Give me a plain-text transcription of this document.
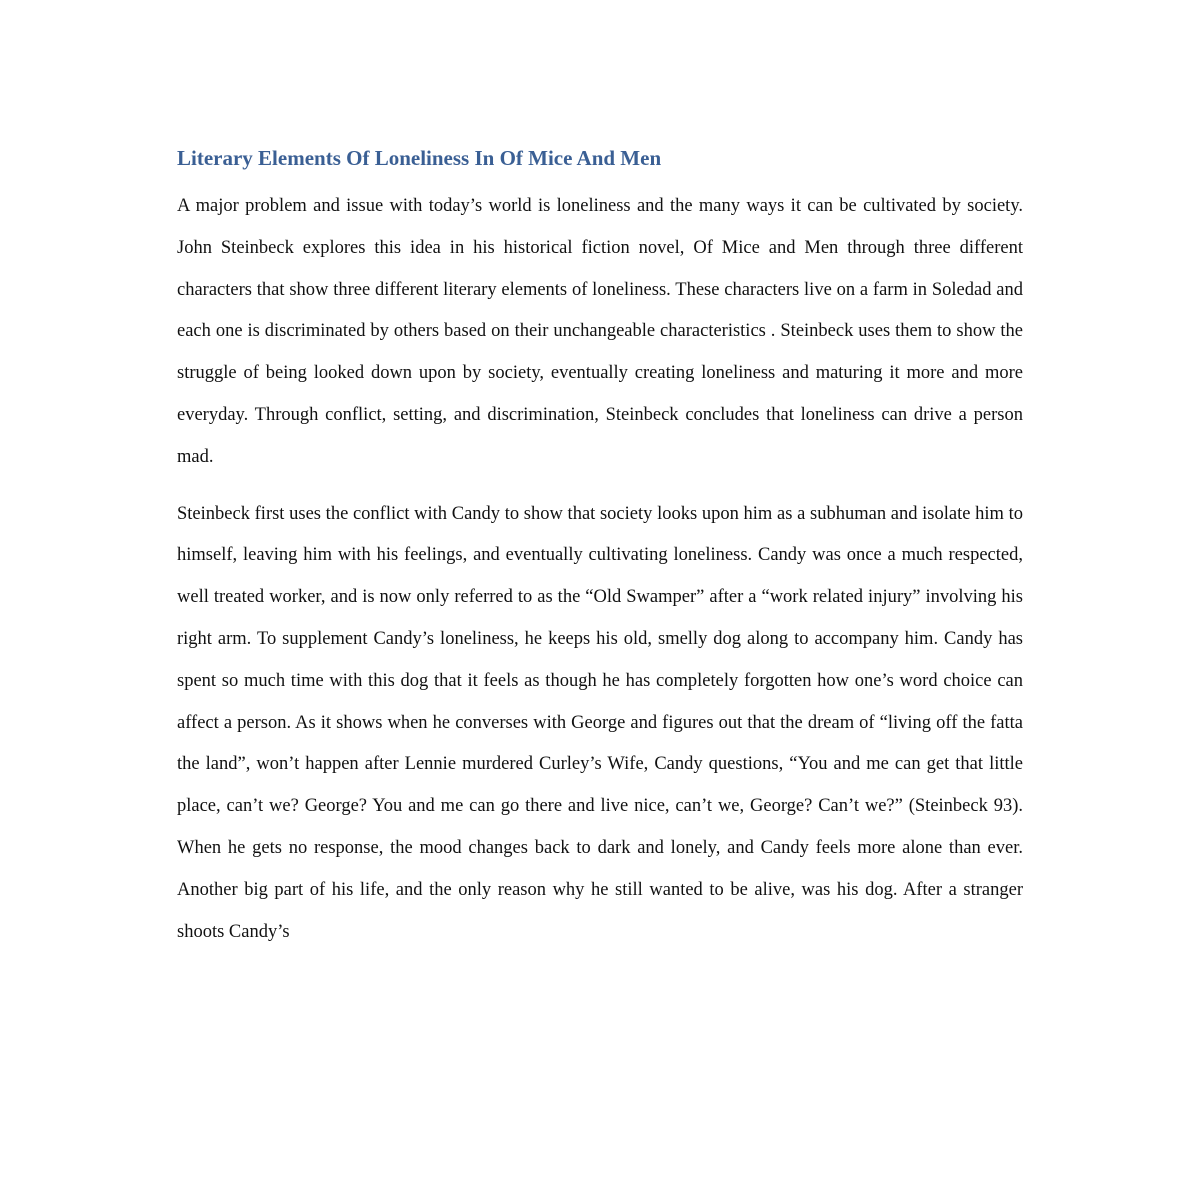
Literary Elements Of Loneliness In Of Mice And Men

A major problem and issue with today’s world is loneliness and the many ways it can be cultivated by society. John Steinbeck explores this idea in his historical fiction novel, Of Mice and Men through three different characters that show three different literary elements of loneliness. These characters live on a farm in Soledad and each one is discriminated by others based on their unchangeable characteristics . Steinbeck uses them to show the struggle of being looked down upon by society, eventually creating loneliness and maturing it more and more everyday. Through conflict, setting, and discrimination, Steinbeck concludes that loneliness can drive a person mad.

Steinbeck first uses the conflict with Candy to show that society looks upon him as a subhuman and isolate him to himself, leaving him with his feelings, and eventually cultivating loneliness. Candy was once a much respected, well treated worker, and is now only referred to as the “Old Swamper” after a “work related injury” involving his right arm. To supplement Candy’s loneliness, he keeps his old, smelly dog along to accompany him. Candy has spent so much time with this dog that it feels as though he has completely forgotten how one’s word choice can affect a person. As it shows when he converses with George and figures out that the dream of “living off the fatta the land”, won’t happen after Lennie murdered Curley’s Wife, Candy questions, “You and me can get that little place, can’t we? George? You and me can go there and live nice, can’t we, George? Can’t we?” (Steinbeck 93). When he gets no response, the mood changes back to dark and lonely, and Candy feels more alone than ever. Another big part of his life, and the only reason why he still wanted to be alive, was his dog. After a stranger shoots Candy’s
